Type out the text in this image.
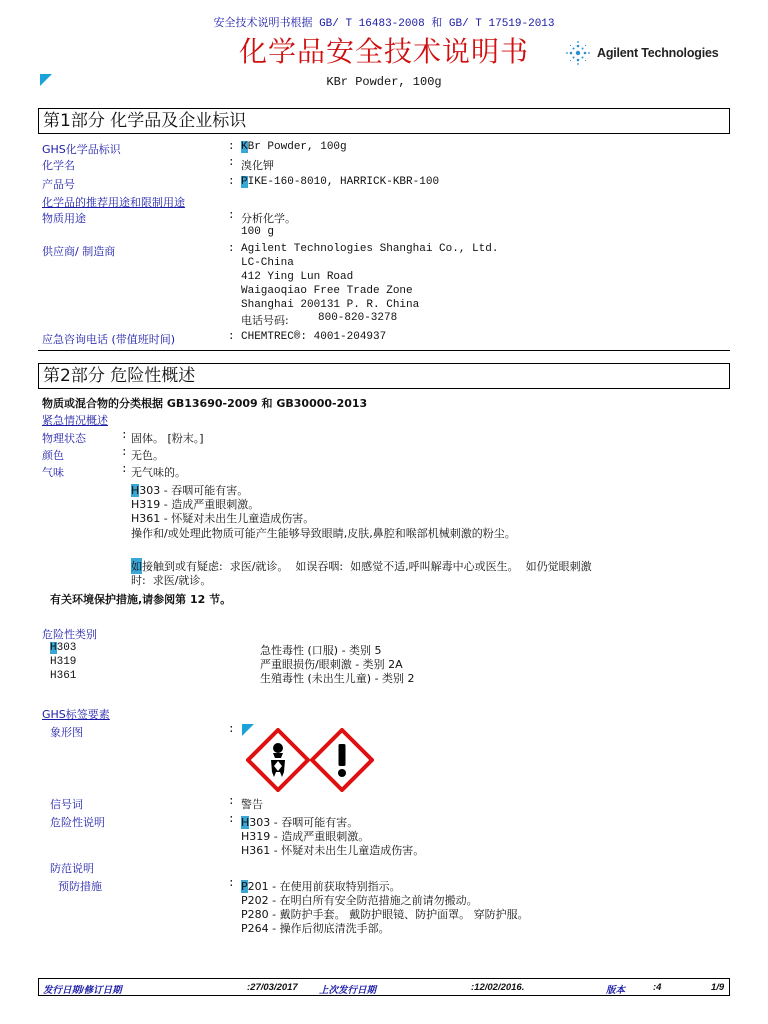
安全技术说明书根据 GB/ T 16483-2008 和 GB/ T 17519-2013
化学品安全技术说明书	Agilent Technologies
KBr Powder, 100g
第1部分 化学品及企业标识
GHS化学品标识	: KBr Powder, 100g
化学名	: 溴化钾
产品号	: PIKE-160-8010, HARRICK-KBR-100
化学品的推荐用途和限制用途
物质用途	: 分析化学。
100 g
供应商/ 制造商	: Agilent Technologies Shanghai Co., Ltd.
LC-China
412 Ying Lun Road
Waigaoqiao Free Trade Zone
Shanghai 200131 P. R. China
电话号码:	800-820-3278
应急咨询电话 (带值班时间)	: CHEMTREC®: 4001-204937
第2部分 危险性概述
物质或混合物的分类根据 GB13690-2009 和 GB30000-2013
紧急情况概述
物理状态	: 固体。 [粉末。]
颜色	: 无色。
气味	: 无气味的。
H303 - 吞咽可能有害。
H319 - 造成严重眼刺激。
H361 - 怀疑对未出生儿童造成伤害。
操作和/或处理此物质可能产生能够导致眼睛,皮肤,鼻腔和喉部机械刺激的粉尘。
如接触到或有疑虑:  求医/就诊。  如误吞咽:  如感觉不适,呼叫解毒中心或医生。  如仍觉眼刺激
时:  求医/就诊。
有关环境保护措施,请参阅第 12 节。
危险性类别
H303	急性毒性 (口服) - 类别 5
H319	严重眼损伤/眼刺激 - 类别 2A
H361	生殖毒性 (未出生儿童) - 类别 2
GHS标签要素
象形图	:
信号词	: 警告
危险性说明	: H303 - 吞咽可能有害。
H319 - 造成严重眼刺激。
H361 - 怀疑对未出生儿童造成伤害。
防范说明
预防措施	: P201 - 在使用前获取特别指示。
P202 - 在明白所有安全防范措施之前请勿搬动。
P280 - 戴防护手套。 戴防护眼镜、防护面罩。 穿防护服。
P264 - 操作后彻底清洗手部。
发行日期/修订日期	:27/03/2017 上次发行日期	:12/02/2016.	版本	:4	1/9
